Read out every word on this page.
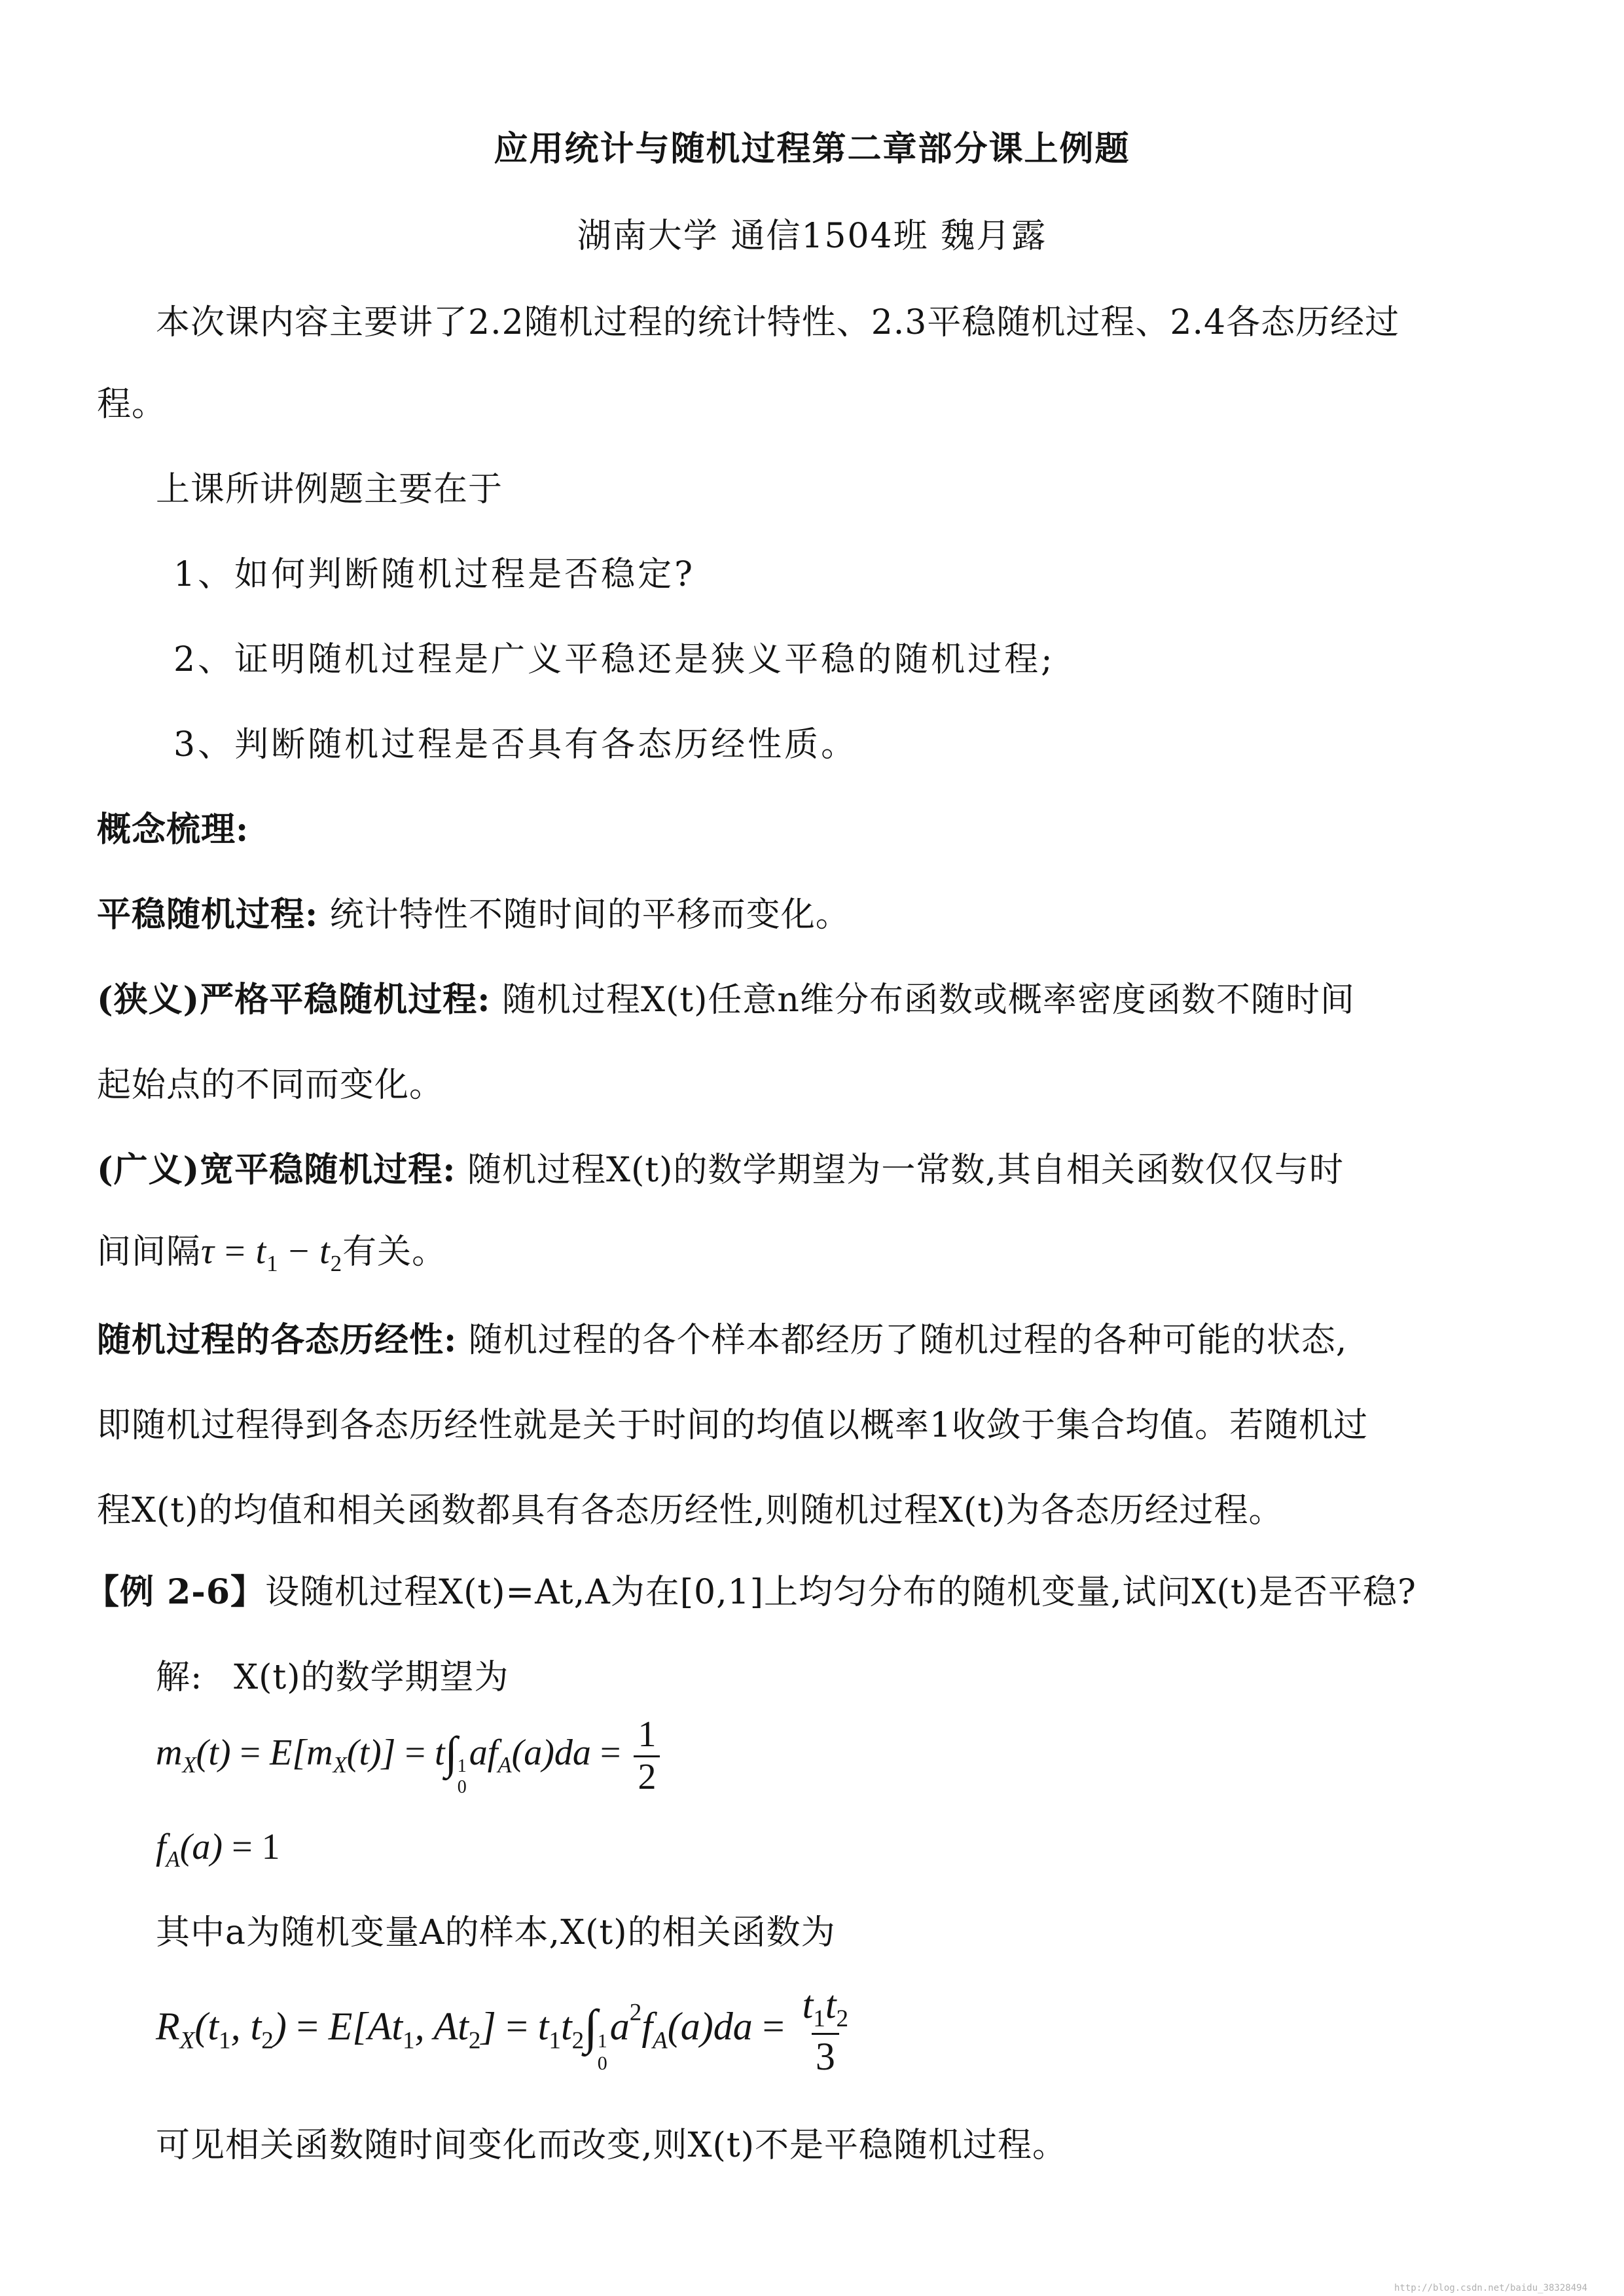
应用统计与随机过程第二章部分课上例题
湖南大学 通信1504班 魏月露
本次课内容主要讲了2.2随机过程的统计特性、2.3平稳随机过程、2.4各态历经过
程。
上课所讲例题主要在于
1、如何判断随机过程是否稳定?
2、证明随机过程是广义平稳还是狭义平稳的随机过程;
3、判断随机过程是否具有各态历经性质。
概念梳理:
平稳随机过程: 统计特性不随时间的平移而变化。
(狭义)严格平稳随机过程: 随机过程X(t)任意n维分布函数或概率密度函数不随时间
起始点的不同而变化。
(广义)宽平稳随机过程: 随机过程X(t)的数学期望为一常数,其自相关函数仅仅与时
间间隔$\tau = t_1 - t_2$有关。
随机过程的各态历经性: 随机过程的各个样本都经历了随机过程的各种可能的状态,
即随机过程得到各态历经性就是关于时间的均值以概率1收敛于集合均值。若随机过
程X(t)的均值和相关函数都具有各态历经性,则随机过程X(t)为各态历经过程。
【例 2-6】设随机过程X(t)=At,A为在[0,1]上均匀分布的随机变量,试问X(t)是否平稳?
解: X(t)的数学期望为
$m_X(t) = E[m_X(t)] = t\int$ 1
0
$af_A(a)da = \frac{1}{2}$
$f_A(a) = 1$
其中a为随机变量A的样本,X(t)的相关函数为
$R_X(t_1$, $t_2) = E[At_1$, $At_2] = t_1t_2\int$ 1
0
$a^2f_A(a)da = \frac{t_1t_2}{3}$
可见相关函数随时间变化而改变,则X(t)不是平稳随机过程。
http://blog.csdn.net/baidu_38328494
